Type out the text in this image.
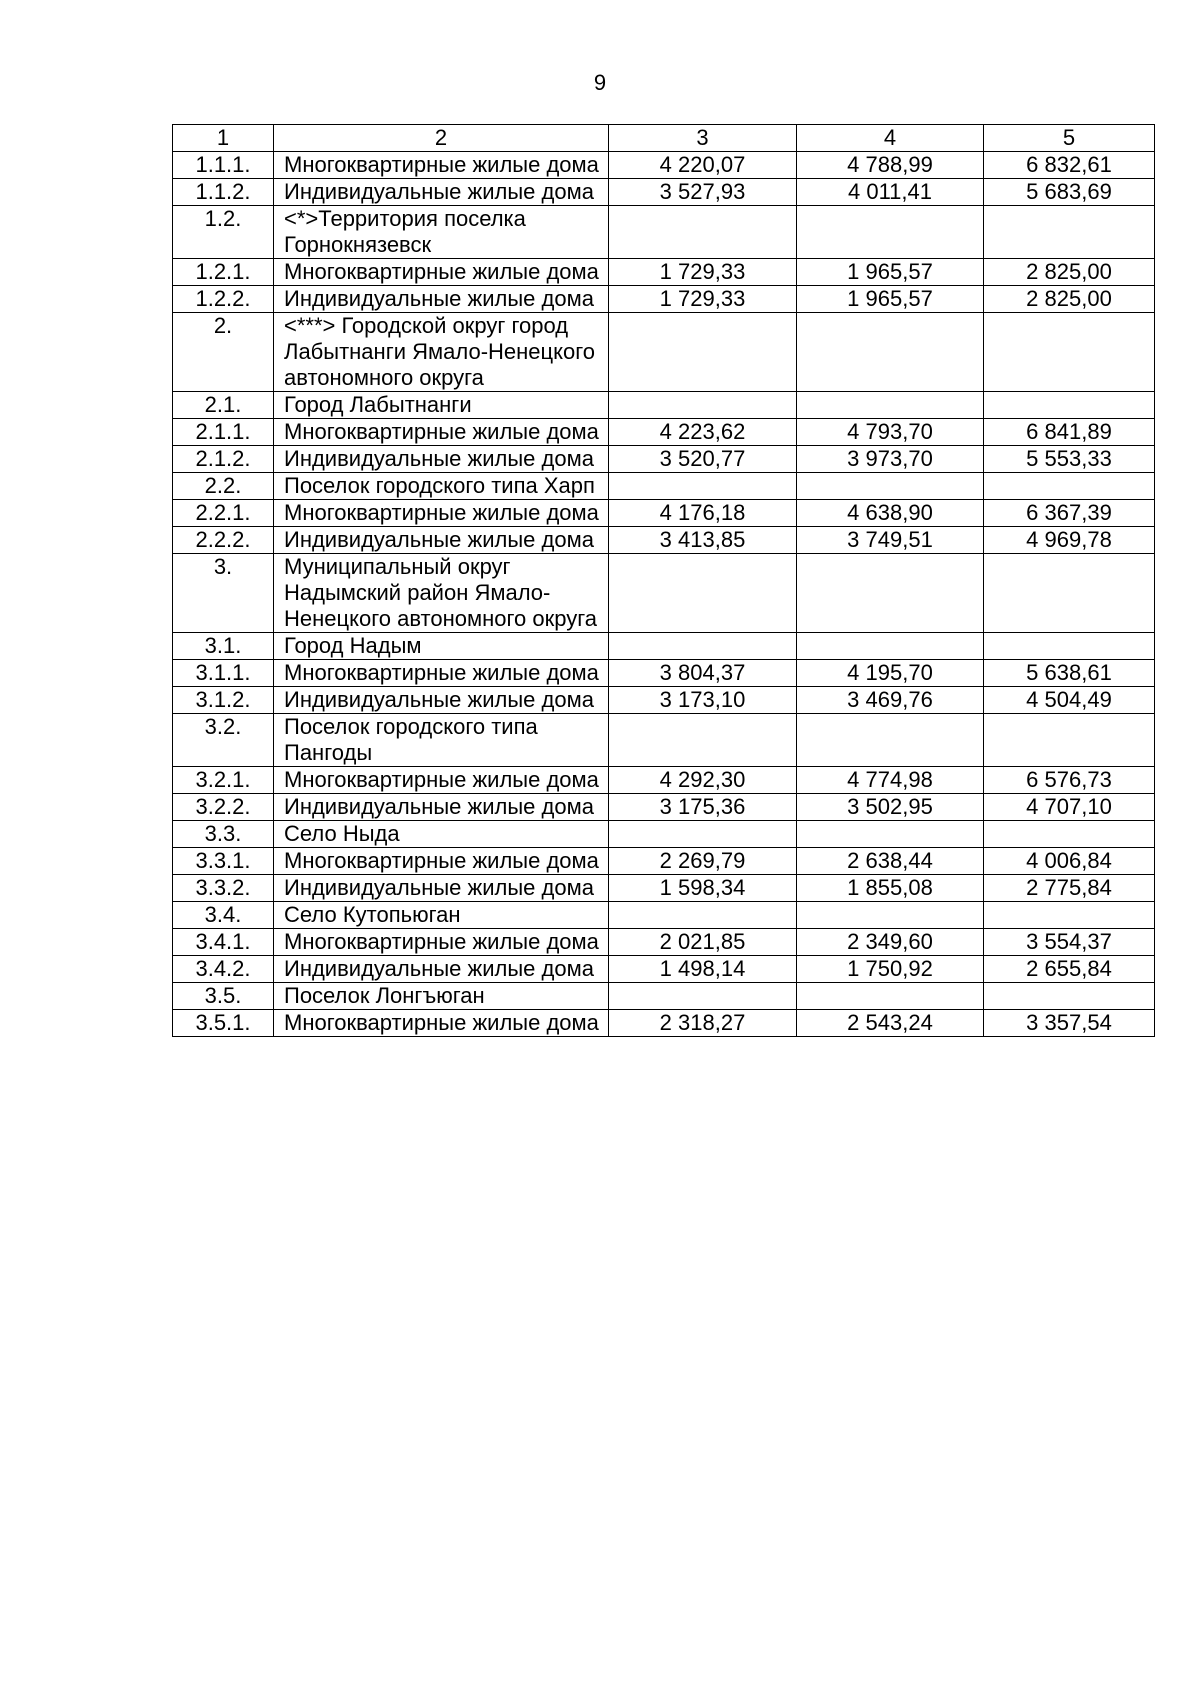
9
1	2	3	4	5
1.1.1.	Многоквартирные жилые дома	4 220,07	4 788,99	6 832,61
1.1.2.	Индивидуальные жилые дома	3 527,93	4 011,41	5 683,69
1.2.	<*>Территория поселка Горнокнязевск			
1.2.1.	Многоквартирные жилые дома	1 729,33	1 965,57	2 825,00
1.2.2.	Индивидуальные жилые дома	1 729,33	1 965,57	2 825,00
2.	<***> Городской округ город Лабытнанги Ямало-Ненецкого автономного округа			
2.1.	Город Лабытнанги			
2.1.1.	Многоквартирные жилые дома	4 223,62	4 793,70	6 841,89
2.1.2.	Индивидуальные жилые дома	3 520,77	3 973,70	5 553,33
2.2.	Поселок городского типа Харп			
2.2.1.	Многоквартирные жилые дома	4 176,18	4 638,90	6 367,39
2.2.2.	Индивидуальные жилые дома	3 413,85	3 749,51	4 969,78
3.	Муниципальный округ Надымский район Ямало-Ненецкого автономного округа			
3.1.	Город Надым			
3.1.1.	Многоквартирные жилые дома	3 804,37	4 195,70	5 638,61
3.1.2.	Индивидуальные жилые дома	3 173,10	3 469,76	4 504,49
3.2.	Поселок городского типа Пангоды			
3.2.1.	Многоквартирные жилые дома	4 292,30	4 774,98	6 576,73
3.2.2.	Индивидуальные жилые дома	3 175,36	3 502,95	4 707,10
3.3.	Село Ныда			
3.3.1.	Многоквартирные жилые дома	2 269,79	2 638,44	4 006,84
3.3.2.	Индивидуальные жилые дома	1 598,34	1 855,08	2 775,84
3.4.	Село Кутопьюган			
3.4.1.	Многоквартирные жилые дома	2 021,85	2 349,60	3 554,37
3.4.2.	Индивидуальные жилые дома	1 498,14	1 750,92	2 655,84
3.5.	Поселок Лонгъюган			
3.5.1.	Многоквартирные жилые дома	2 318,27	2 543,24	3 357,54
